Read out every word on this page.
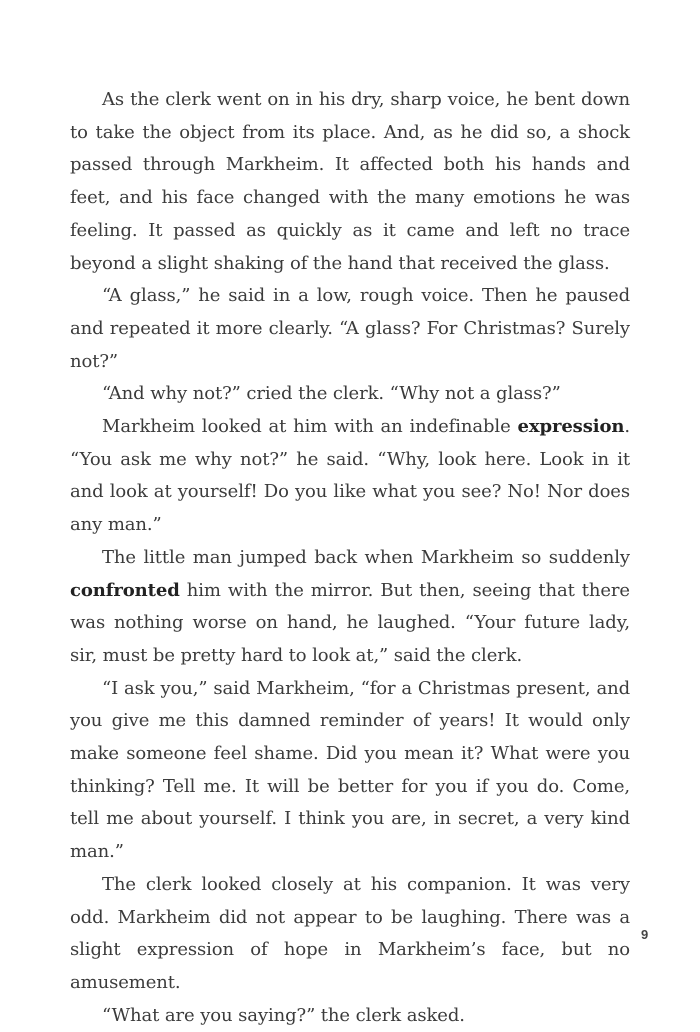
As the clerk went on in his dry, sharp voice, he bent down to take the object from its place. And, as he did so, a shock passed through Markheim. It affected both his hands and feet, and his face changed with the many emotions he was feeling. It passed as quickly as it came and left no trace beyond a slight shaking of the hand that received the glass.

“A glass,” he said in a low, rough voice. Then he paused and repeated it more clearly. “A glass? For Christmas? Surely not?”

“And why not?” cried the clerk. “Why not a glass?”

Markheim looked at him with an indefinable expression. “You ask me why not?” he said. “Why, look here. Look in it and look at yourself! Do you like what you see? No! Nor does any man.”

The little man jumped back when Markheim so suddenly confronted him with the mirror. But then, seeing that there was nothing worse on hand, he laughed. “Your future lady, sir, must be pretty hard to look at,” said the clerk.

“I ask you,” said Markheim, “for a Christmas present, and you give me this damned reminder of years! It would only make someone feel shame. Did you mean it? What were you thinking? Tell me. It will be better for you if you do. Come, tell me about yourself. I think you are, in secret, a very kind man.”

The clerk looked closely at his companion. It was very odd. Markheim did not appear to be laughing. There was a slight expression of hope in Markheim’s face, but no amusement.

“What are you saying?” the clerk asked.

9
